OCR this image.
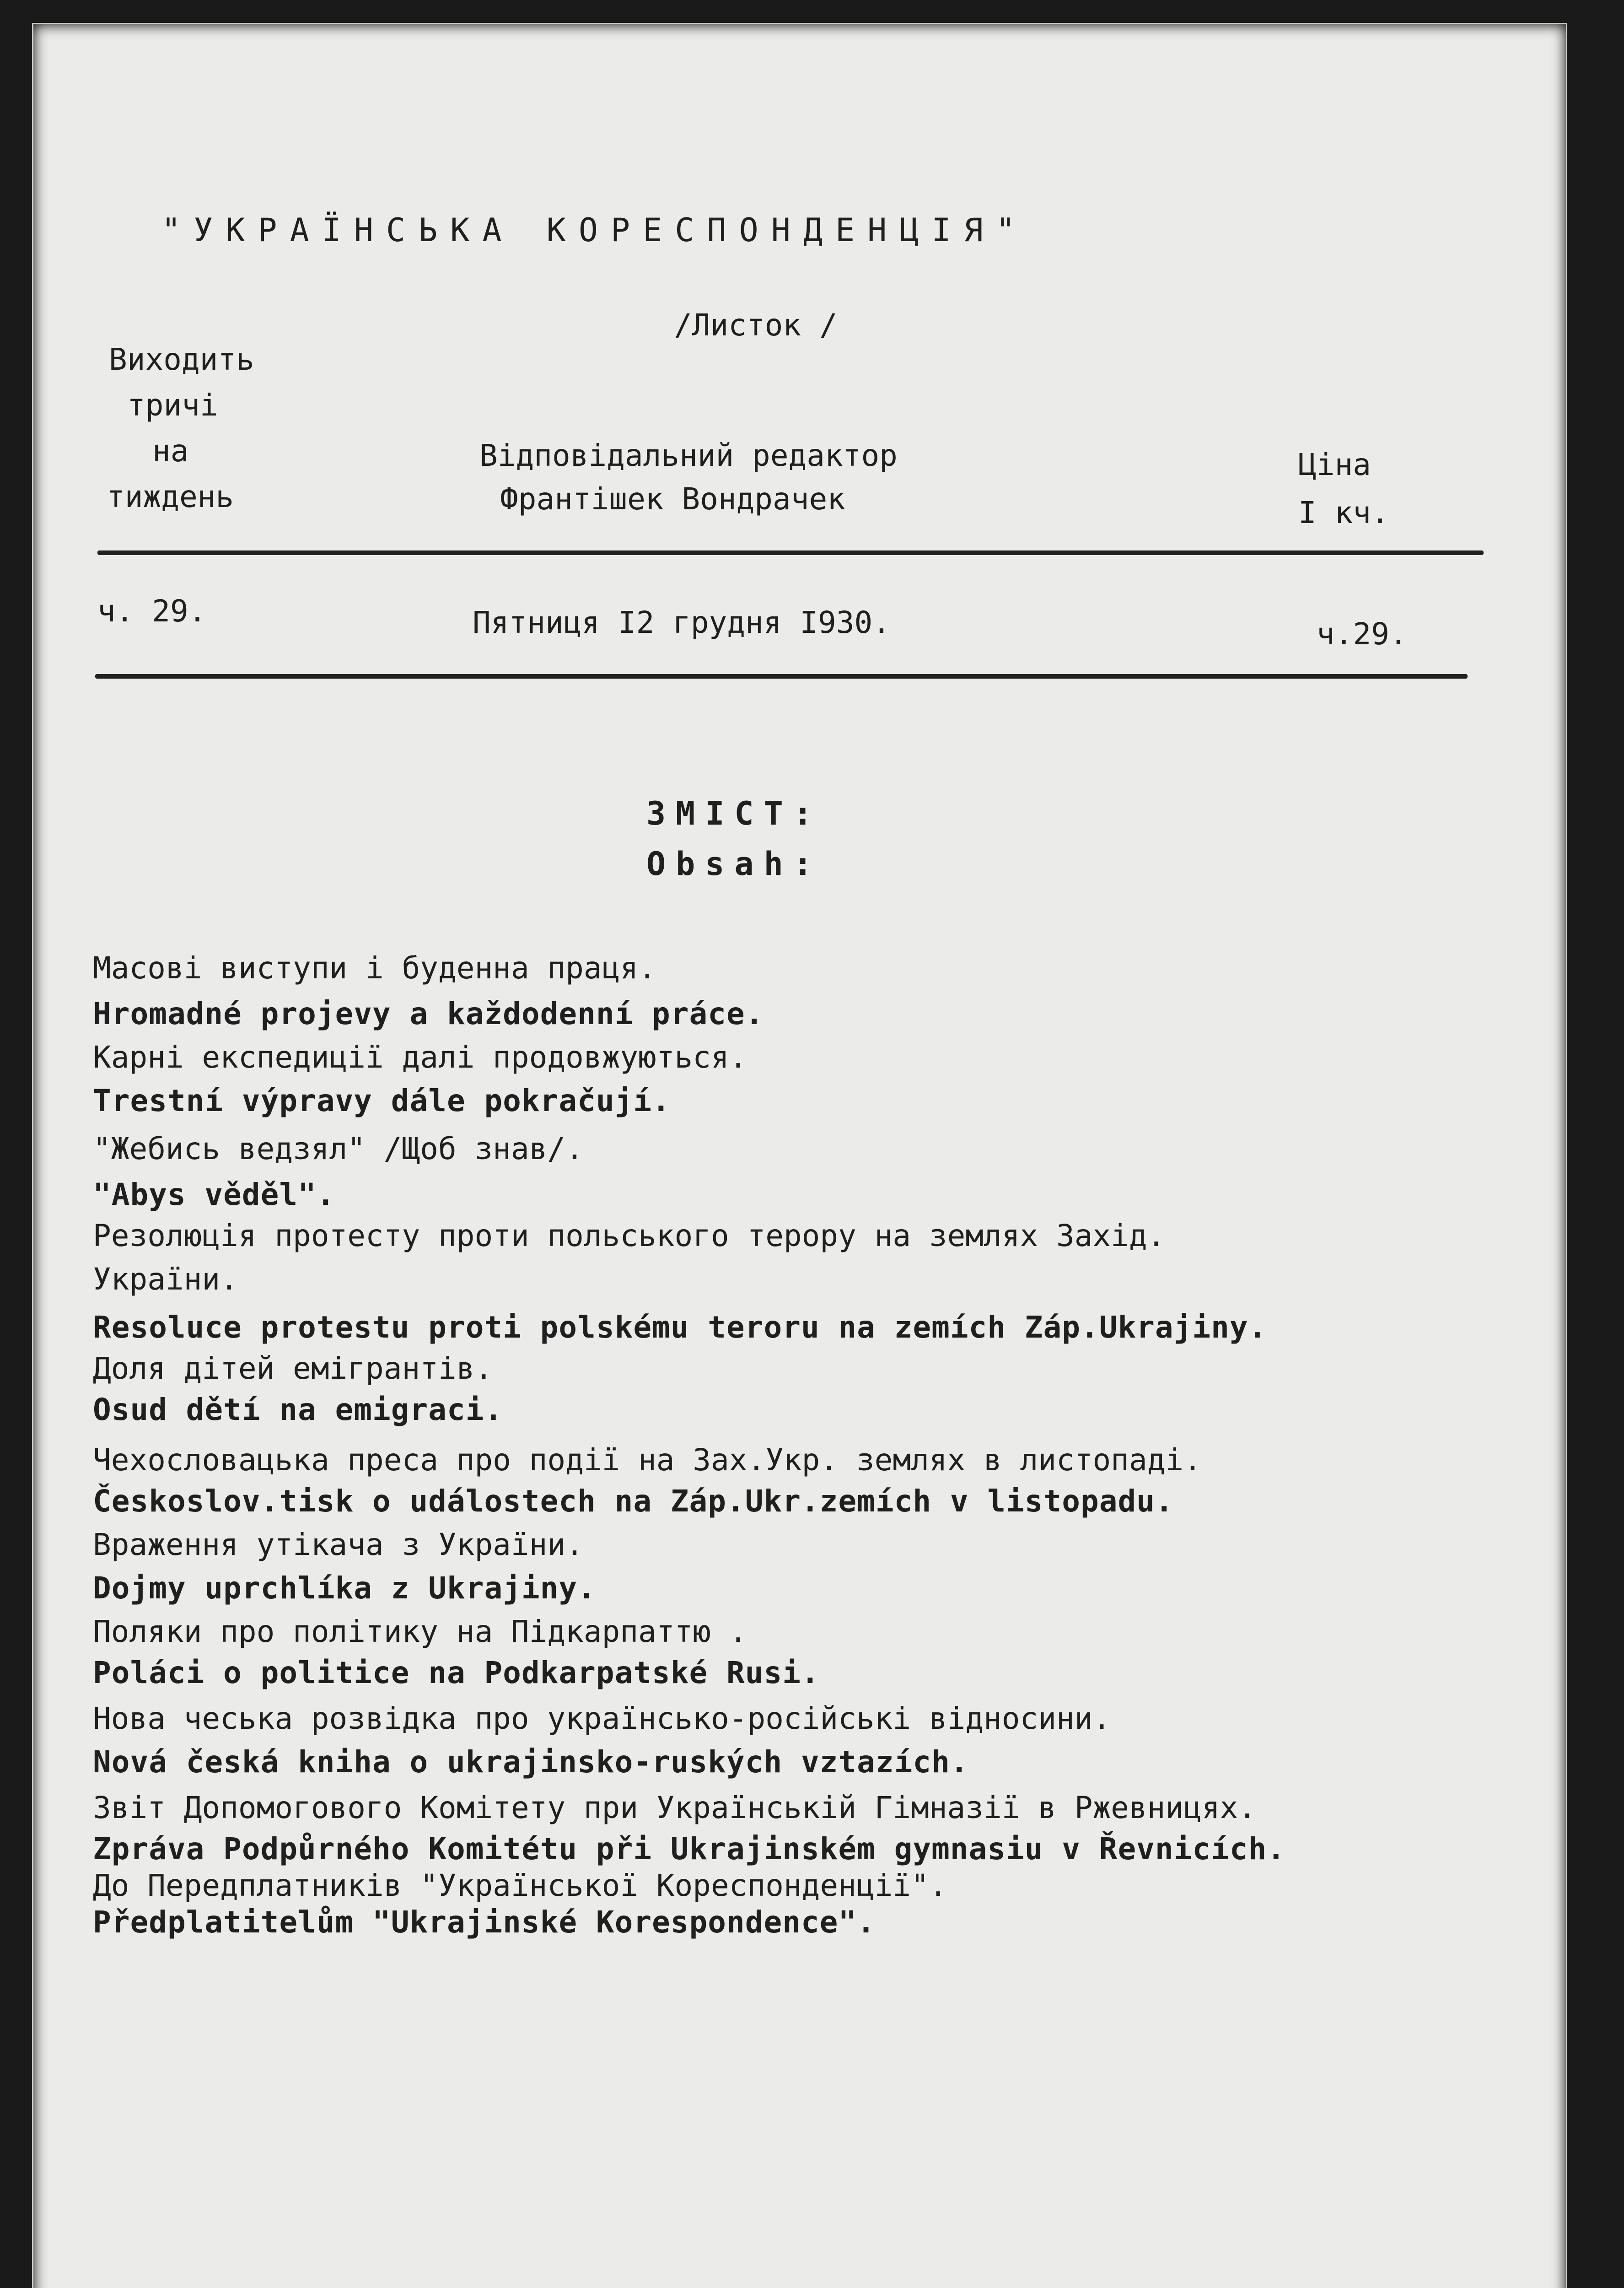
"УКРАЇНСЬКА КОРЕСПОНДЕНЦІЯ"
/Листок /
Виходить
тричі
на
тиждень
Відповідальний редактор
Франтішек Вондрачек
Ціна
I кч.
ч. 29.	Пятниця I2 грудня I930.	ч.29.
ЗМІСТ:
Obsah:
Масові виступи і буденна праця.
Hromadné projevy a každodenní práce.
Карні експедиції далі продовжуються.
Trestní výpravy dále pokračují.
"Жебись ведзял" /Щоб знав/.
"Abys věděl".
Резолюція протесту проти польського терору на землях Захід.
України.
Resoluce protestu proti polskému teroru na zemích Záp.Ukrajiny.
Доля дітей емігрантів.
Osud dětí na emigraci.
Чехословацька преса про події на Зах.Укр. землях в листопаді.
Českoslov.tisk o událostech na Záp.Ukr.zemích v listopadu.
Враження утікача з України.
Dojmy uprchlíka z Ukrajiny.
Поляки про політику на Підкарпаттю .
Poláci o politice na Podkarpatské Rusi.
Нова чеська розвідка про українсько-російські відносини.
Nová česká kniha o ukrajinsko-ruských vztazích.
Звіт Допомогового Комітету при Українській Гімназії в Ржевницях.
Zpráva Podpůrného Komitétu při Ukrajinském gymnasiu v Řevnicích.
До Передплатників "Української Кореспонденції".
Předplatitelům "Ukrajinské Korespondence".
